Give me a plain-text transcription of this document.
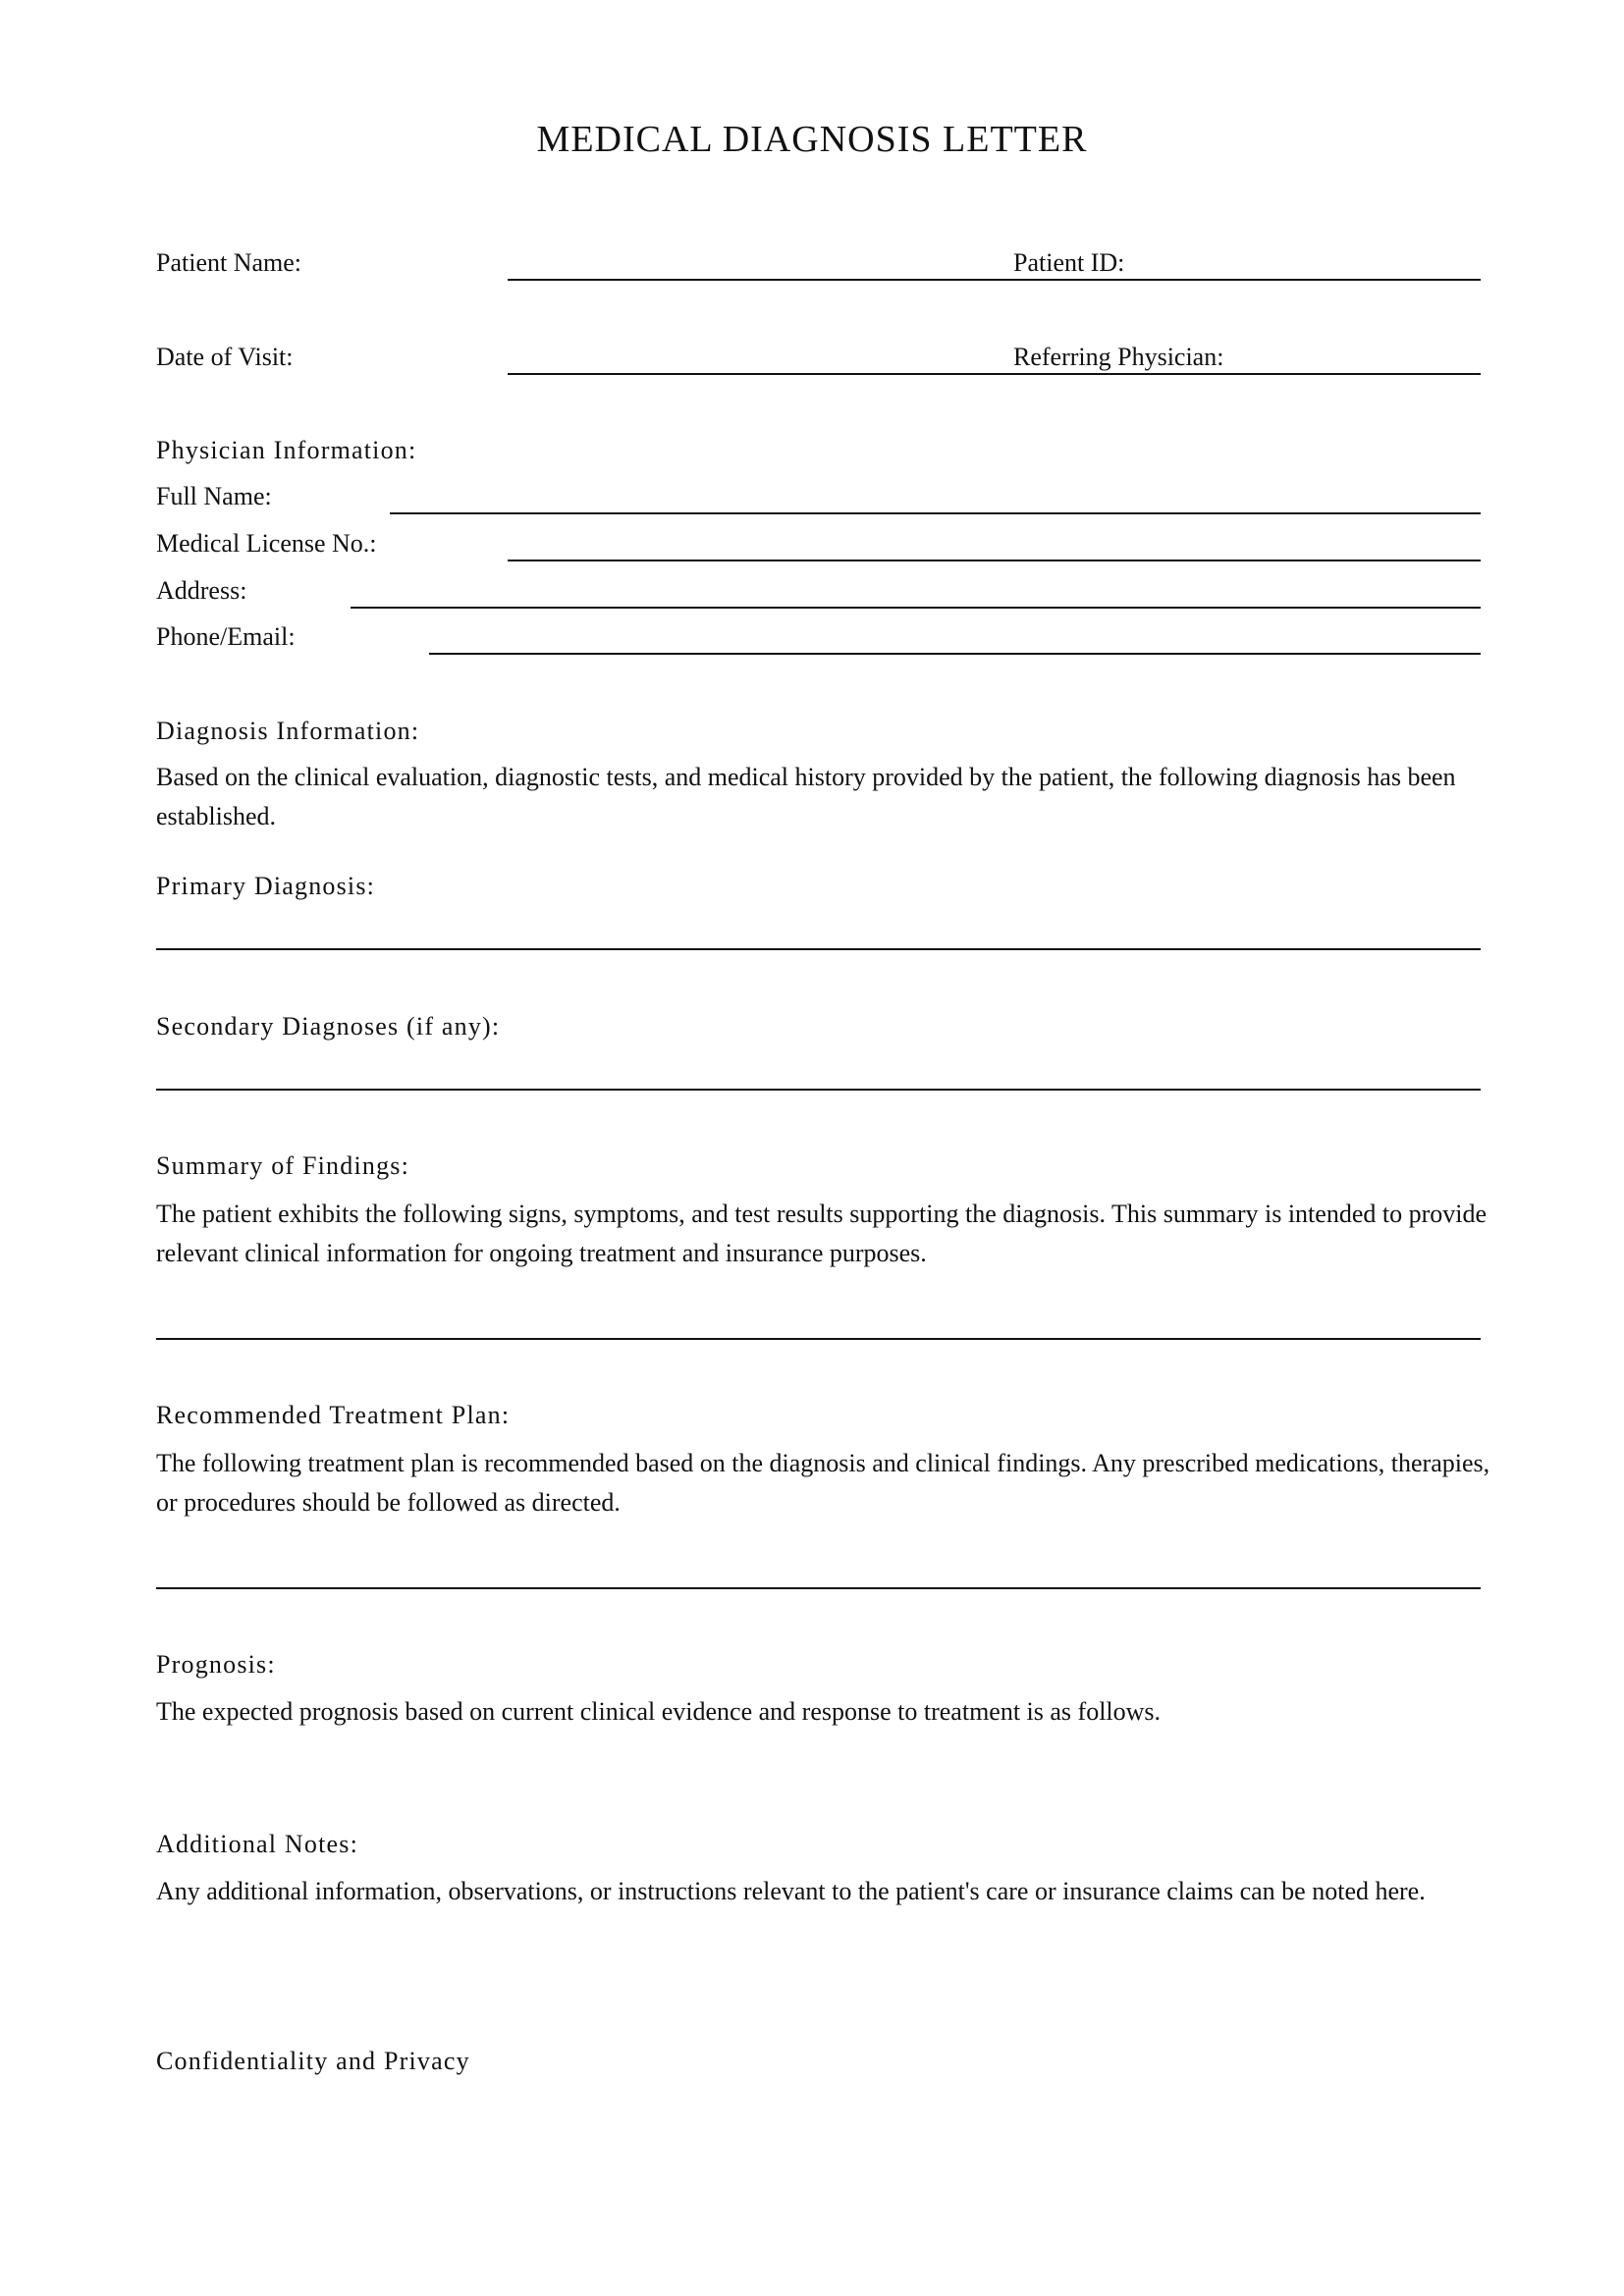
MEDICAL DIAGNOSIS LETTER
Patient Name:	Patient ID:
Date of Visit:	Referring Physician:
Physician Information:
Full Name:
Medical License No.:
Address:
Phone/Email:
Diagnosis Information:
Based on the clinical evaluation, diagnostic tests, and medical history provided by the patient, the following diagnosis has been established.
Primary Diagnosis:
Secondary Diagnoses (if any):
Summary of Findings:
The patient exhibits the following signs, symptoms, and test results supporting the diagnosis. This summary is intended to provide relevant clinical information for ongoing treatment and insurance purposes.
Recommended Treatment Plan:
The following treatment plan is recommended based on the diagnosis and clinical findings. Any prescribed medications, therapies, or procedures should be followed as directed.
Prognosis:
The expected prognosis based on current clinical evidence and response to treatment is as follows.
Additional Notes:
Any additional information, observations, or instructions relevant to the patient's care or insurance claims can be noted here.
Confidentiality and Privacy
